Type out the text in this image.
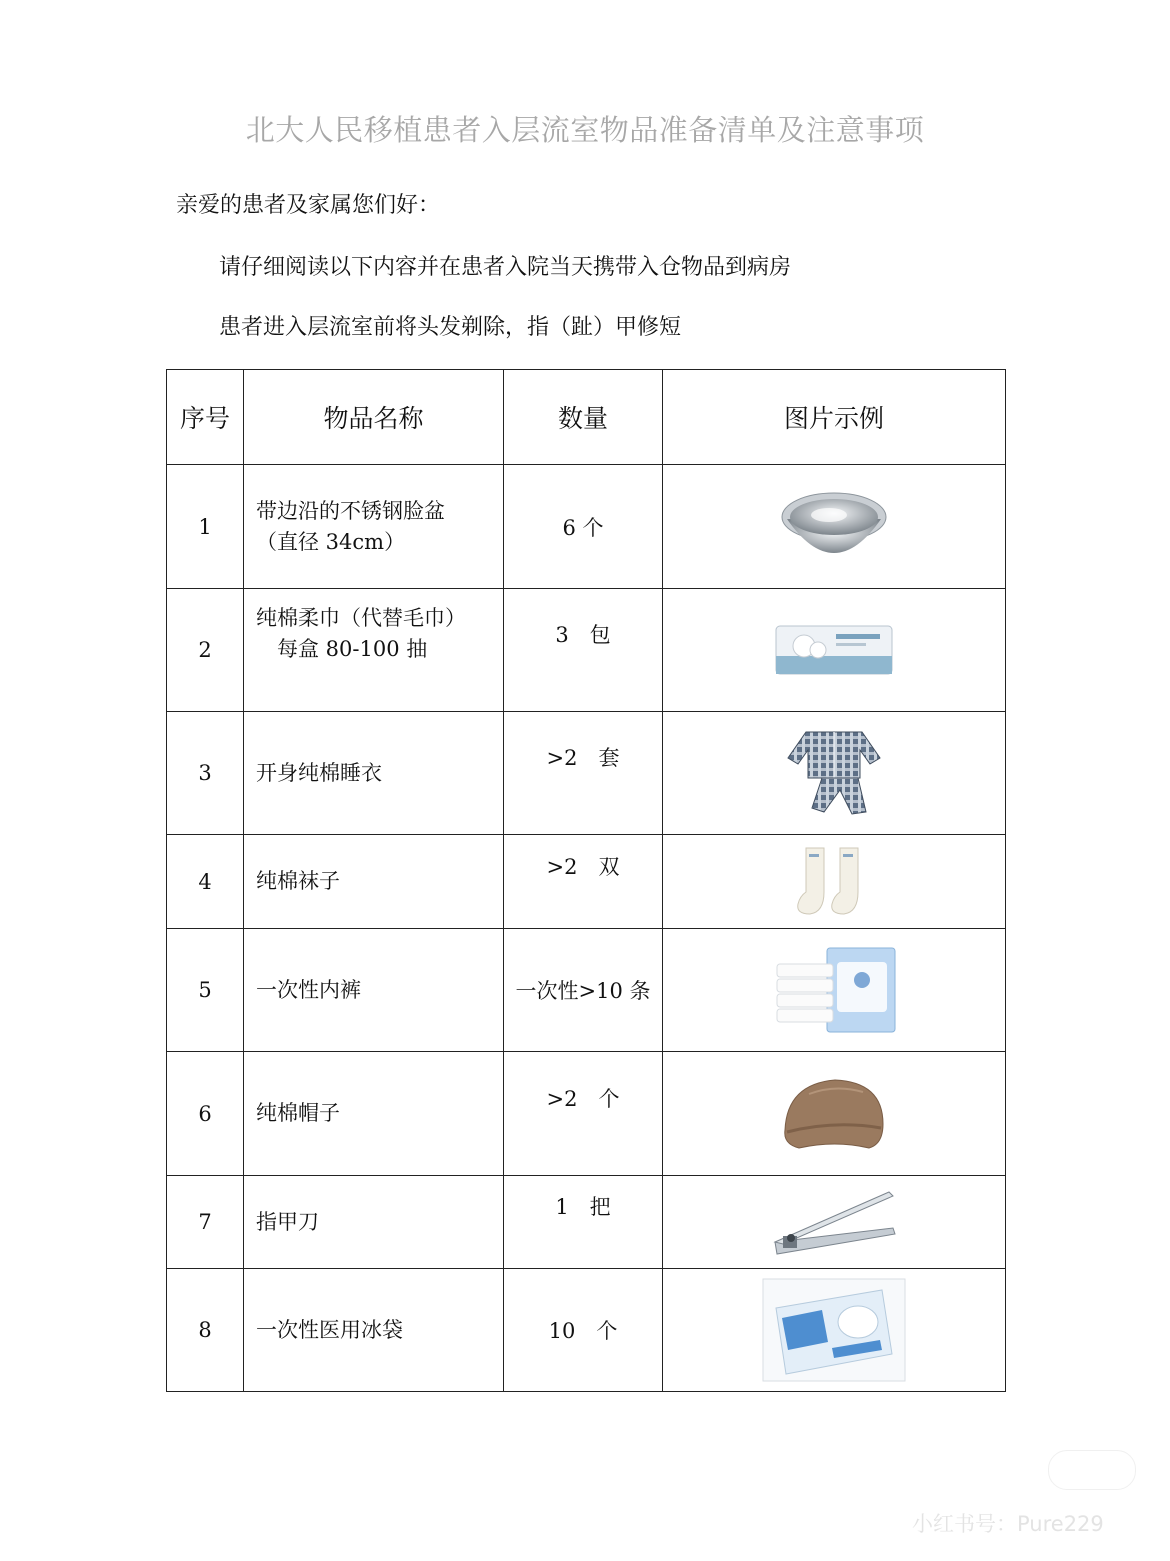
北大人民移植患者入层流室物品准备清单及注意事项
亲爱的患者及家属您们好：
请仔细阅读以下内容并在患者入院当天携带入仓物品到病房
患者进入层流室前将头发剃除，指（趾）甲修短
序号	物品名称	数量	图片示例
1	带边沿的不锈钢脸盆
（直径 34cm）	6 个	

2	纯棉柔巾（代替毛巾）
　每盒 80-100 抽	3　包	

3	开身纯棉睡衣	>2　套	

4	纯棉袜子	>2　双	

5	一次性内裤	一次性>10 条	

6	纯棉帽子	>2　个	

7	指甲刀	1　把	

8	一次性医用冰袋	10　个	
小红书号：Pure229
